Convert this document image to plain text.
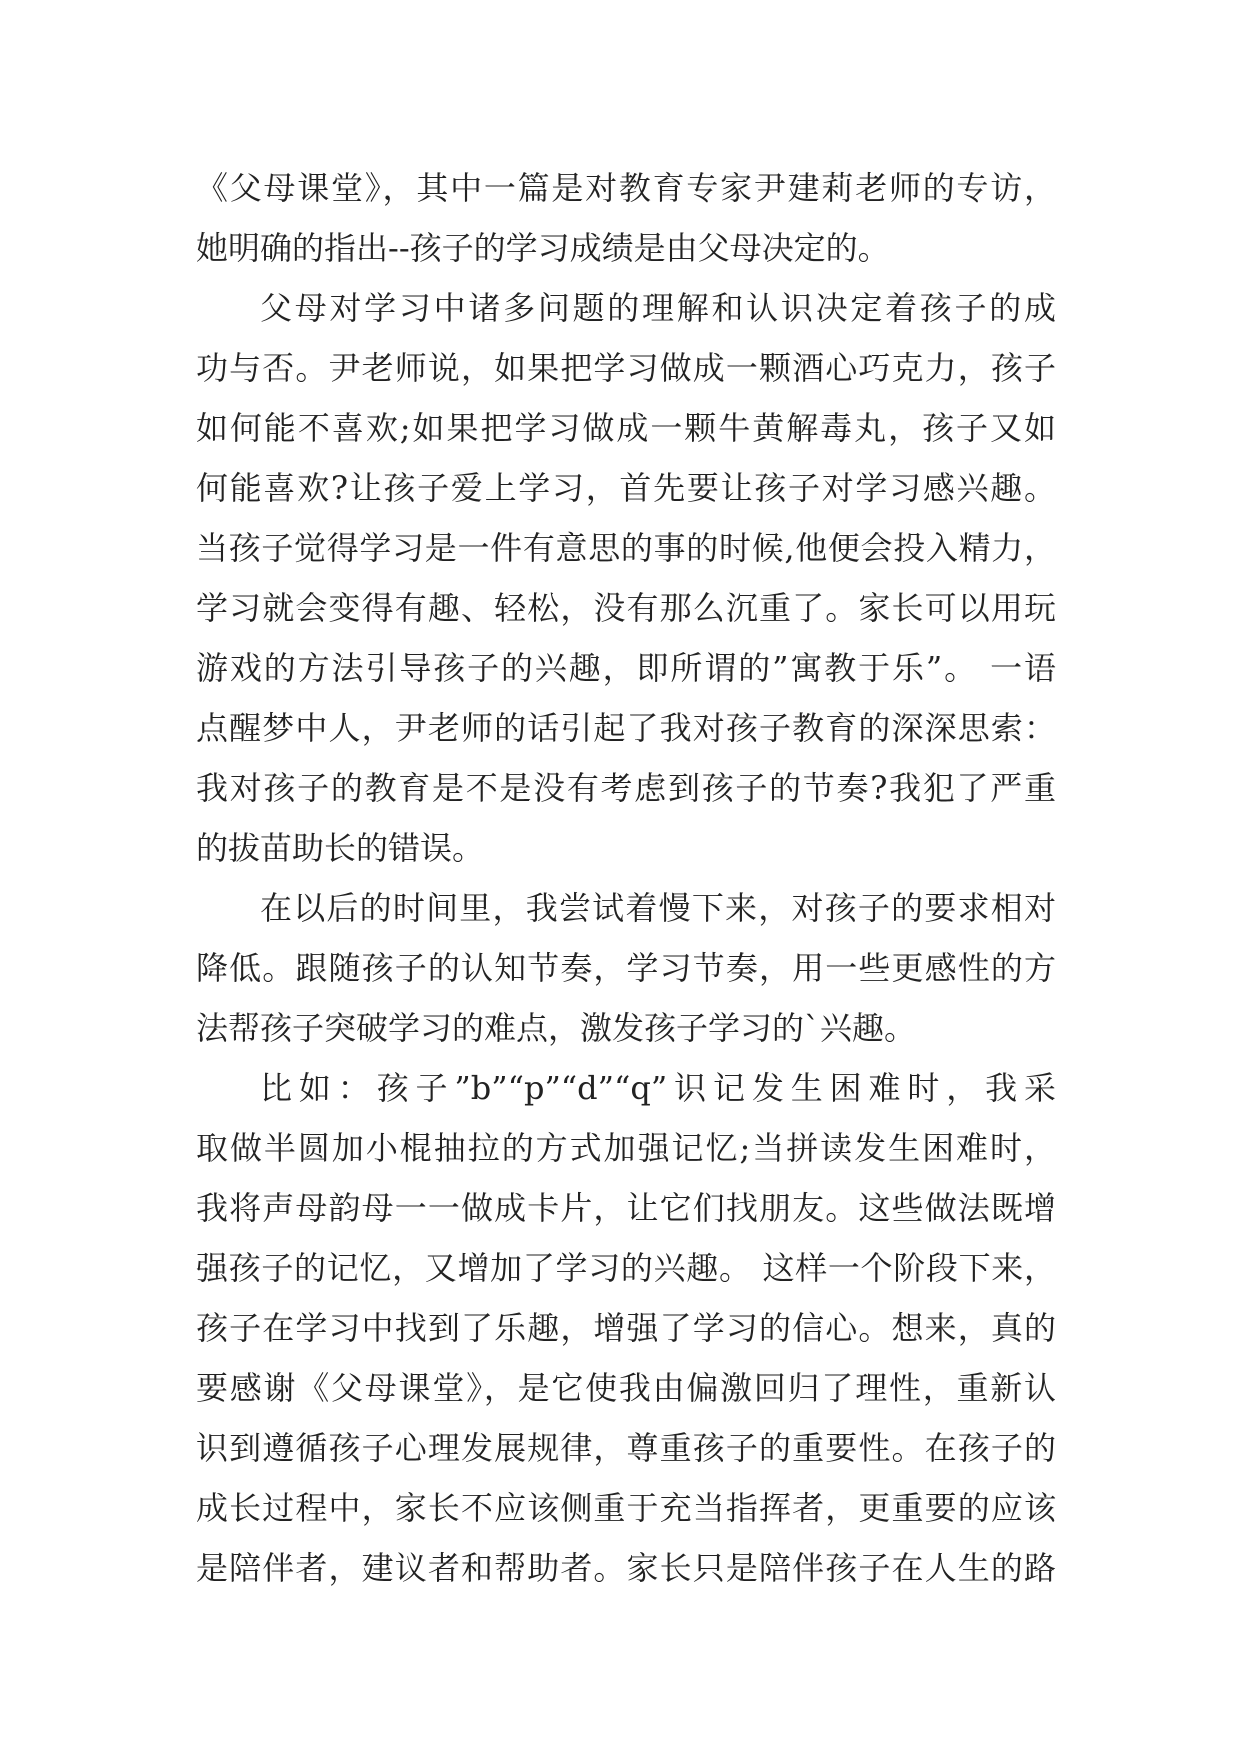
《父母课堂》，其中一篇是对教育专家尹建莉老师的专访，
她明确的指出--孩子的学习成绩是由父母决定的。
父母对学习中诸多问题的理解和认识决定着孩子的成
功与否。尹老师说，如果把学习做成一颗酒心巧克力，孩子
如何能不喜欢;如果把学习做成一颗牛黄解毒丸，孩子又如
何能喜欢?让孩子爱上学习，首先要让孩子对学习感兴趣。
当孩子觉得学习是一件有意思的事的时候,他便会投入精力，
学习就会变得有趣、轻松，没有那么沉重了。家长可以用玩
游戏的方法引导孩子的兴趣，即所谓的”寓教于乐”。 一语
点醒梦中人，尹老师的话引起了我对孩子教育的深深思索：
我对孩子的教育是不是没有考虑到孩子的节奏?我犯了严重
的拔苗助长的错误。
在以后的时间里，我尝试着慢下来，对孩子的要求相对
降低。跟随孩子的认知节奏，学习节奏，用一些更感性的方
法帮孩子突破学习的难点，激发孩子学习的`兴趣。
比如：孩子”b”“p”“d”“q”识记发生困难时，我采
取做半圆加小棍抽拉的方式加强记忆;当拼读发生困难时，
我将声母韵母一一做成卡片，让它们找朋友。这些做法既增
强孩子的记忆，又增加了学习的兴趣。 这样一个阶段下来，
孩子在学习中找到了乐趣，增强了学习的信心。想来，真的
要感谢《父母课堂》，是它使我由偏激回归了理性，重新认
识到遵循孩子心理发展规律，尊重孩子的重要性。在孩子的
成长过程中，家长不应该侧重于充当指挥者，更重要的应该
是陪伴者，建议者和帮助者。家长只是陪伴孩子在人生的路
